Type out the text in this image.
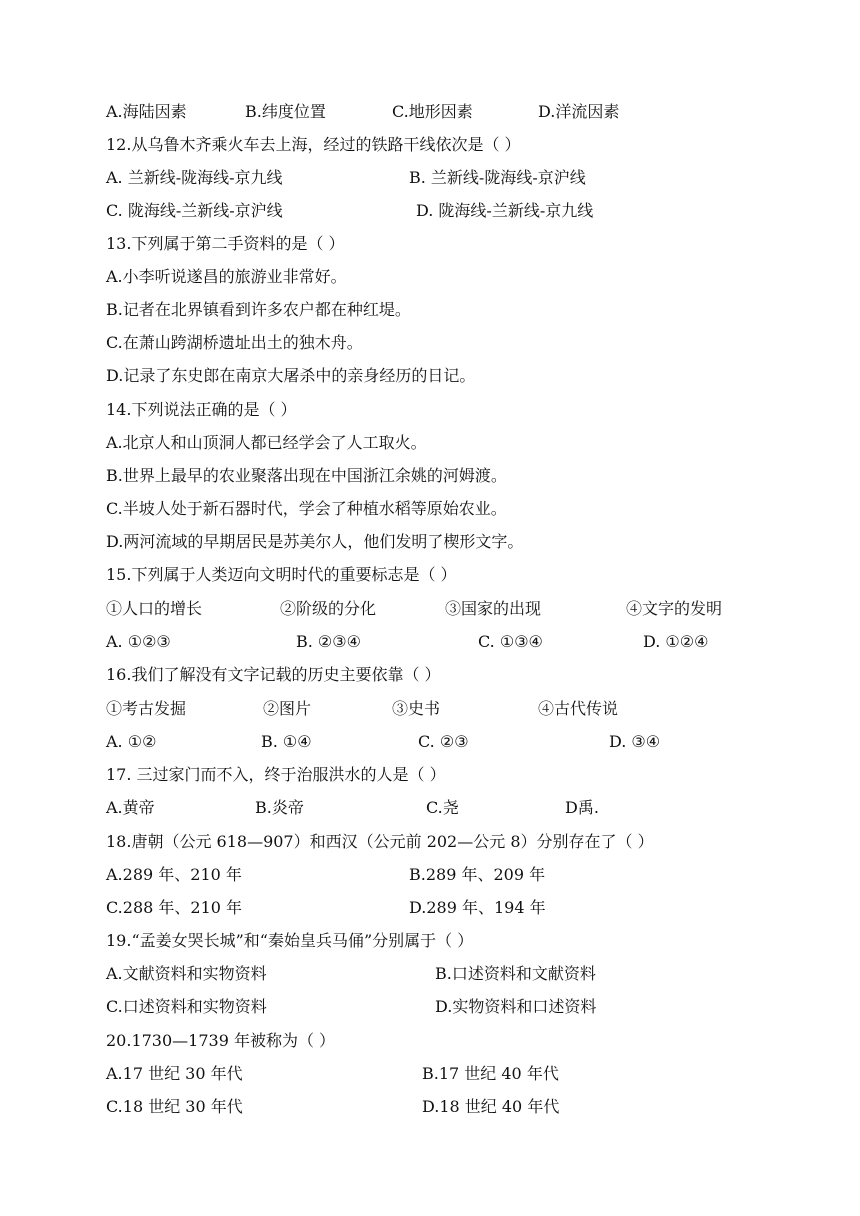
A.海陆因素	B.纬度位置	C.地形因素	D.洋流因素
12.从乌鲁木齐乘火车去上海，经过的铁路干线依次是（ ）
A. 兰新线-陇海线-京九线	B. 兰新线-陇海线-京沪线
C. 陇海线-兰新线-京沪线	D. 陇海线-兰新线-京九线
13.下列属于第二手资料的是（ ）
A.小李听说遂昌的旅游业非常好。
B.记者在北界镇看到许多农户都在种红堤。
C.在萧山跨湖桥遗址出土的独木舟。
D.记录了东史郎在南京大屠杀中的亲身经历的日记。
14.下列说法正确的是（ ）
A.北京人和山顶洞人都已经学会了人工取火。
B.世界上最早的农业聚落出现在中国浙江余姚的河姆渡。
C.半坡人处于新石器时代，学会了种植水稻等原始农业。
D.两河流域的早期居民是苏美尔人，他们发明了楔形文字。
15.下列属于人类迈向文明时代的重要标志是（ ）
①人口的增长	②阶级的分化	③国家的出现	④文字的发明
A. ①②③	B. ②③④	C. ①③④	D. ①②④
16.我们了解没有文字记载的历史主要依靠（ ）
①考古发掘	②图片	③史书	④古代传说
A. ①②	B. ①④	C. ②③	D. ③④
17. 三过家门而不入，终于治服洪水的人是（ ）
A.黄帝	B.炎帝	C.尧	D禹.
18.唐朝（公元 618—907）和西汉（公元前 202—公元 8）分别存在了（ ）
A.289 年、210 年	B.289 年、209 年
C.288 年、210 年	D.289 年、194 年
19.“孟姜女哭长城”和“秦始皇兵马俑”分别属于（ ）
A.文献资料和实物资料	B.口述资料和文献资料
C.口述资料和实物资料	D.实物资料和口述资料
20.1730—1739 年被称为（ ）
A.17 世纪 30 年代	B.17 世纪 40 年代
C.18 世纪 30 年代	D.18 世纪 40 年代
